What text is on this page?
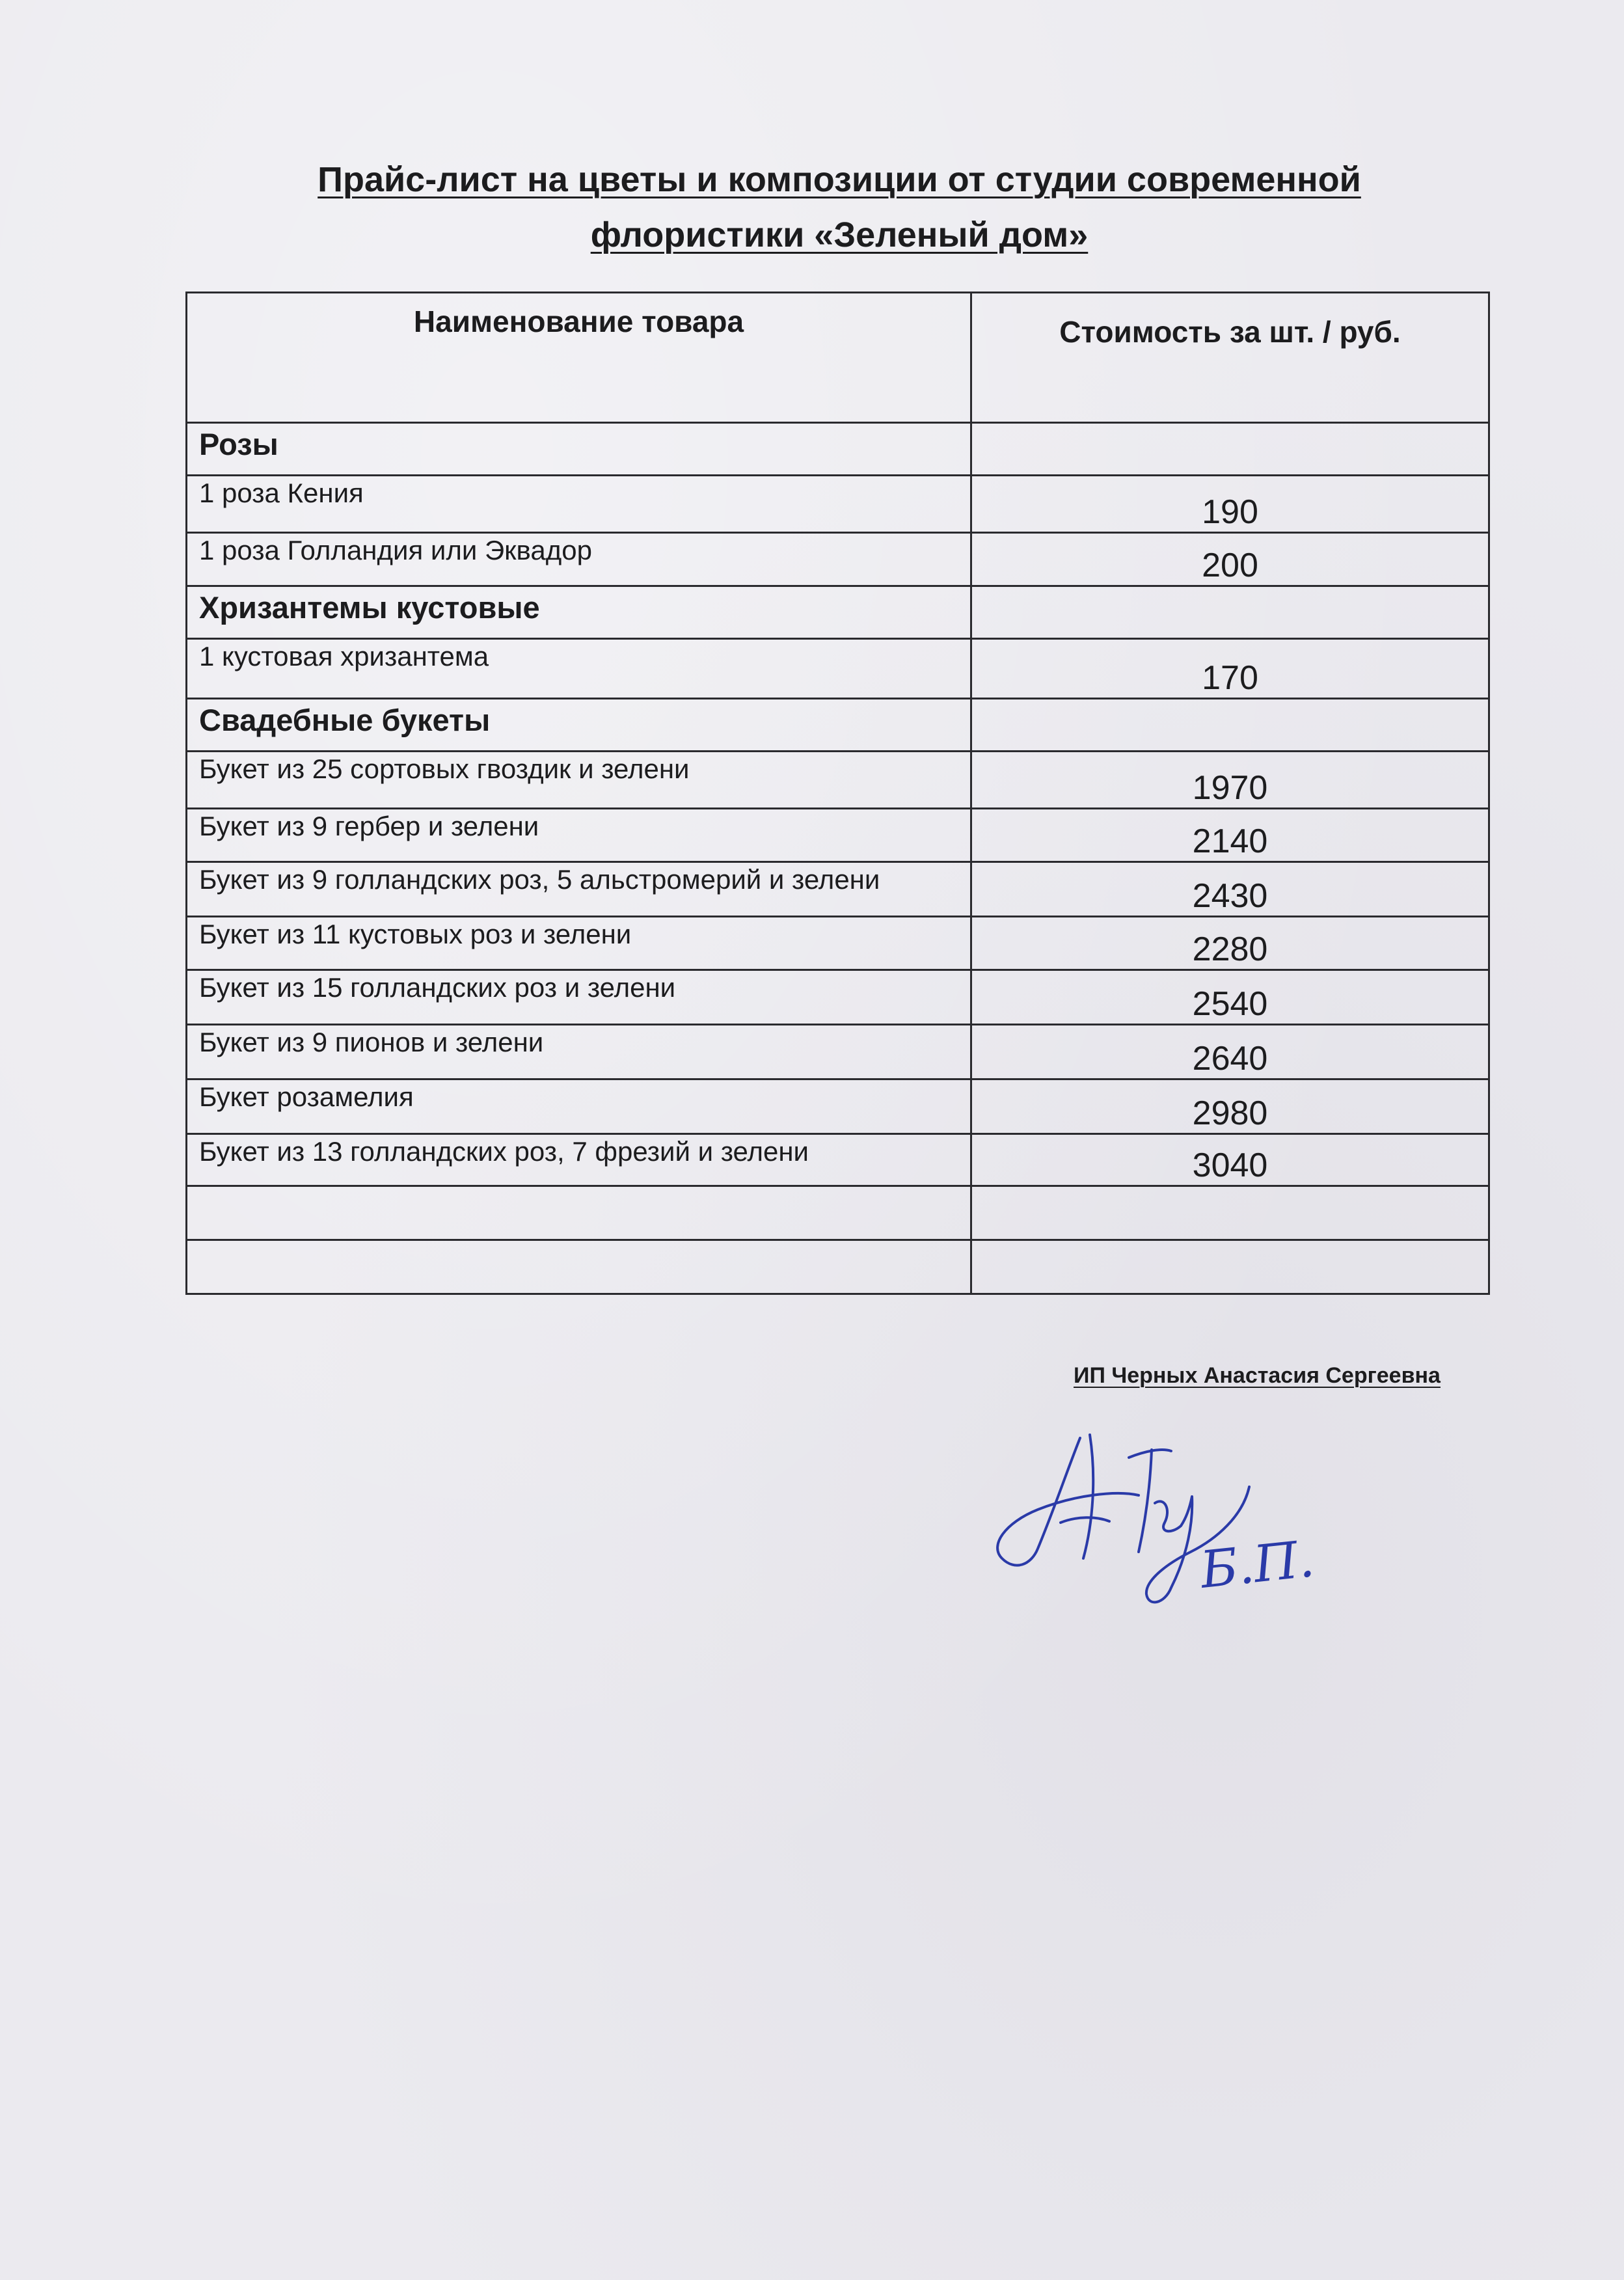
Прайс-лист на цветы и композиции от студии современной
флористики «Зеленый дом»
Наименование товара	Стоимость за шт. / руб.
Розы	
1 роза Кения	190
1 роза Голландия или Эквадор	200
Хризантемы кустовые	
1 кустовая хризантема	170
Свадебные букеты	
Букет из 25 сортовых гвоздик и зелени	1970
Букет из 9 гербер и зелени	2140
Букет из 9 голландских роз, 5 альстромерий и зелени	2430
Букет из 11 кустовых роз и зелени	2280
Букет из 15 голландских роз и зелени	2540
Букет из 9 пионов и зелени	2640
Букет розамелия	2980
Букет из 13 голландских роз, 7 фрезий и зелени	3040

ИП Черных Анастасия Сергеевна
Б.П.
